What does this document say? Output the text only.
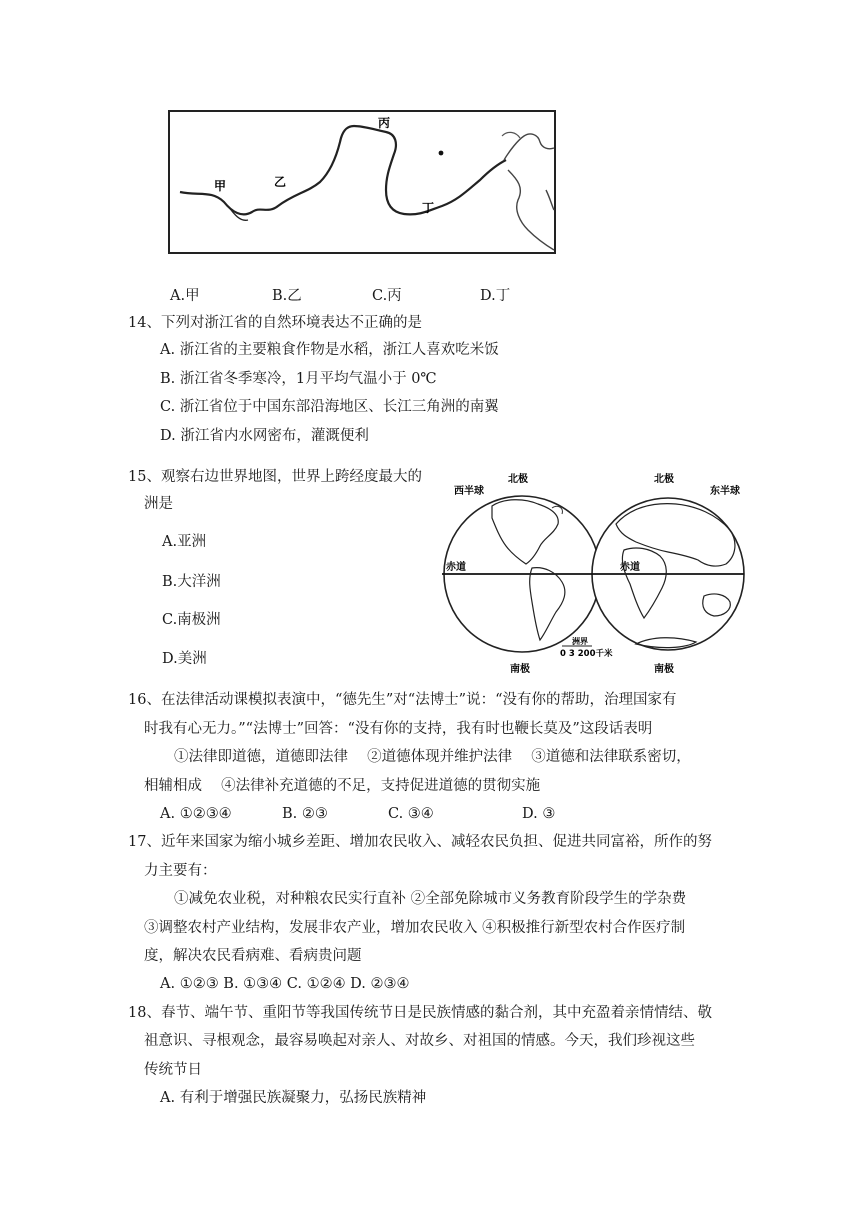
甲	乙
丙
丁
A.甲	B.乙	C.丙	D.丁
14、下列对浙江省的自然环境表达不正确的是
A. 浙江省的主要粮食作物是水稻，浙江人喜欢吃米饭
B. 浙江省冬季寒冷，1月平均气温小于 0℃
C. 浙江省位于中国东部沿海地区、长江三角洲的南翼
D. 浙江省内水网密布，灌溉便利
15、观察右边世界地图，世界上跨经度最大的
洲是
A.亚洲
B.大洋洲
C.南极洲
D.美洲
西半球	东半球
北极	北极
赤道	赤道
南极	南极
洲界
0 3 200千米
16、在法律活动课模拟表演中，“德先生”对“法博士”说：“没有你的帮助，治理国家有
时我有心无力。”“法博士”回答：“没有你的支持，我有时也鞭长莫及”这段话表明
①法律即道德，道德即法律　 ②道德体现并维护法律　 ③道德和法律联系密切，
相辅相成　 ④法律补充道德的不足，支持促进道德的贯彻实施
A. ①②③④	B. ②③	C. ③④	D. ③
17、近年来国家为缩小城乡差距、增加农民收入、减轻农民负担、促进共同富裕，所作的努
力主要有：
①减免农业税，对种粮农民实行直补 ②全部免除城市义务教育阶段学生的学杂费
③调整农村产业结构，发展非农产业，增加农民收入 ④积极推行新型农村合作医疗制
度，解决农民看病难、看病贵问题
A. ①②③ B. ①③④ C. ①②④ D. ②③④
18、春节、端午节、重阳节等我国传统节日是民族情感的黏合剂，其中充盈着亲情情结、敬
祖意识、寻根观念，最容易唤起对亲人、对故乡、对祖国的情感。今天，我们珍视这些
传统节日
A. 有利于增强民族凝聚力，弘扬民族精神
